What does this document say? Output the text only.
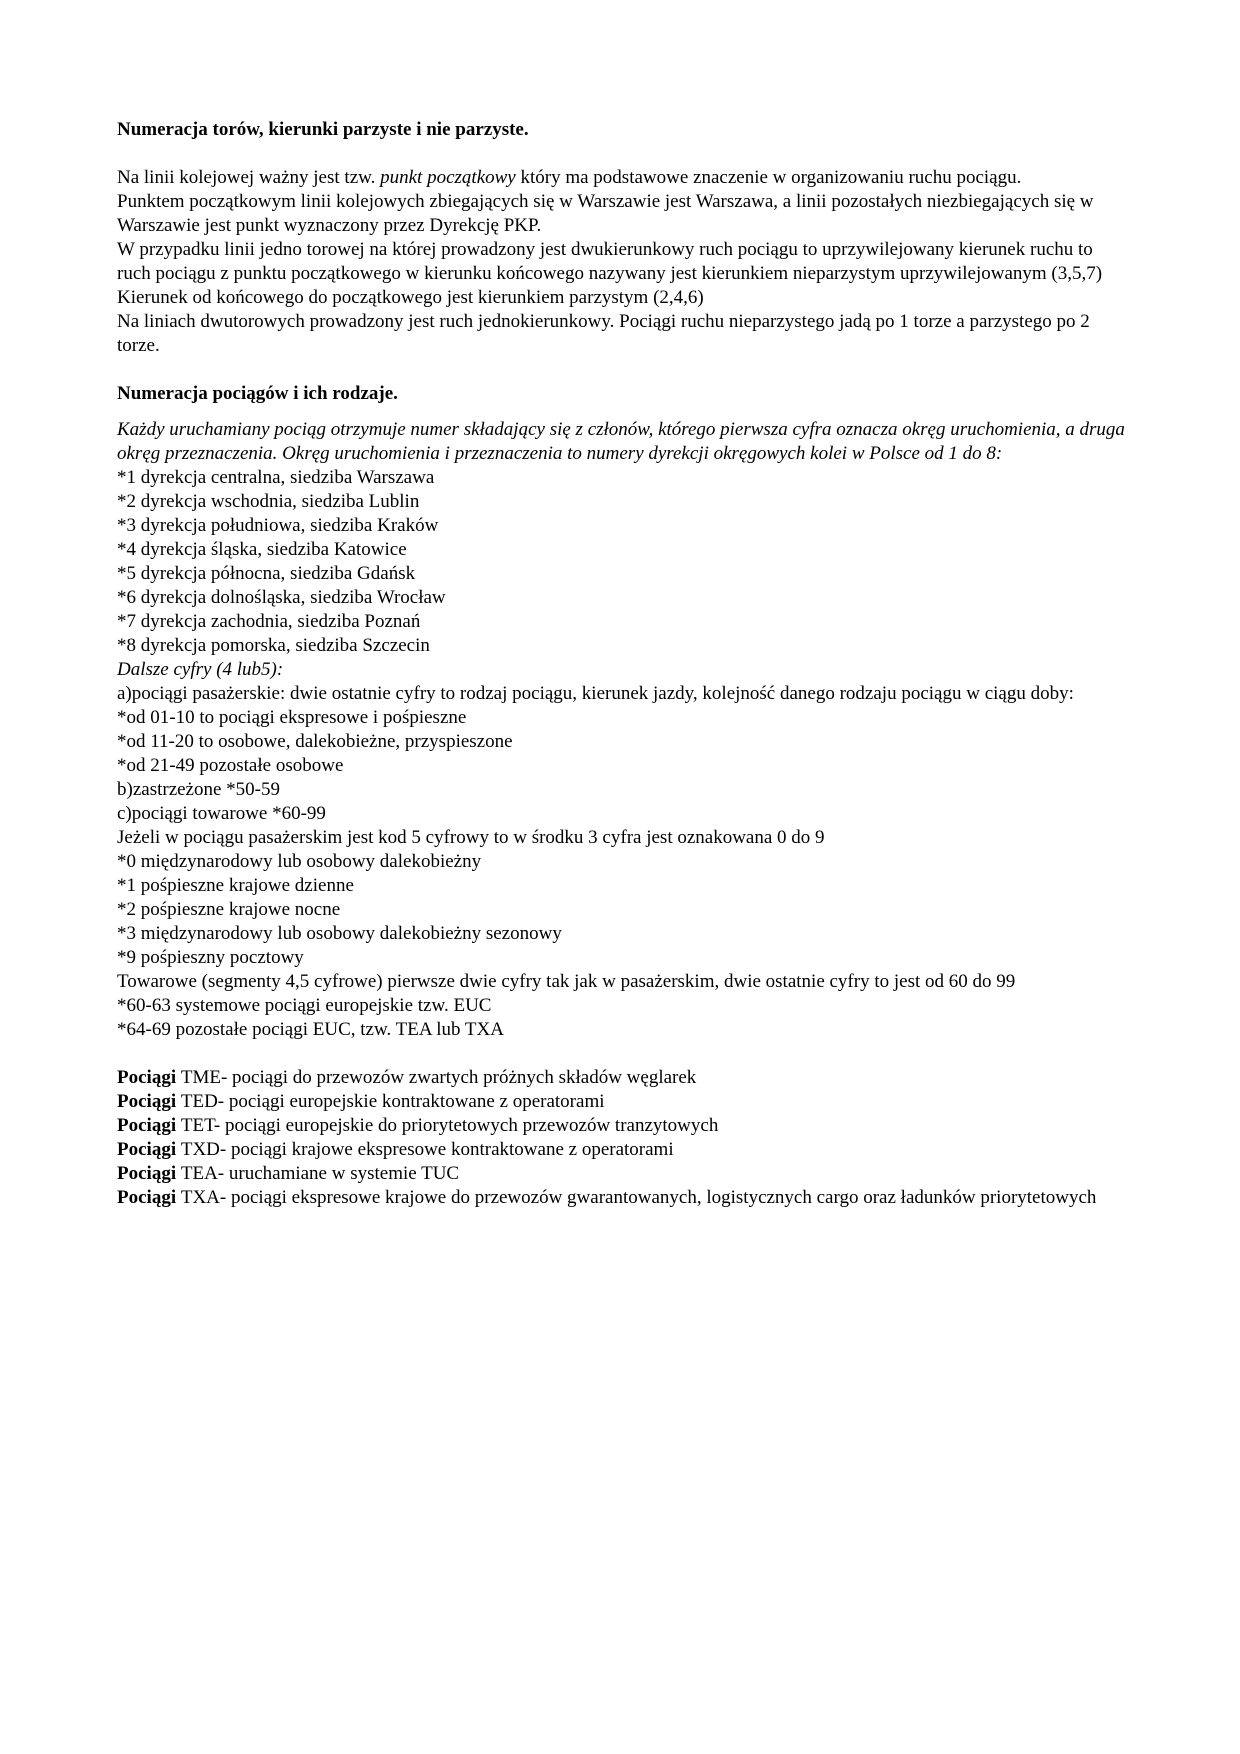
Numeracja torów, kierunki parzyste i nie parzyste.

Na linii kolejowej ważny jest tzw. punkt początkowy który ma podstawowe znaczenie w organizowaniu ruchu pociągu.

Punktem początkowym linii kolejowych zbiegających się w Warszawie jest Warszawa, a linii pozostałych niezbiegających się w Warszawie jest punkt wyznaczony przez Dyrekcję PKP.

W przypadku linii jedno torowej na której prowadzony jest dwukierunkowy ruch pociągu to uprzywilejowany kierunek ruchu to ruch pociągu z punktu początkowego w kierunku końcowego nazywany jest kierunkiem nieparzystym uprzywilejowanym (3,5,7)

Kierunek od końcowego do początkowego jest kierunkiem parzystym (2,4,6)

Na liniach dwutorowych prowadzony jest ruch jednokierunkowy. Pociągi ruchu nieparzystego jadą po 1 torze a parzystego po 2 torze.

Numeracja pociągów i ich rodzaje.

Każdy uruchamiany pociąg otrzymuje numer składający się z członów, którego pierwsza cyfra oznacza okręg uruchomienia, a druga okręg przeznaczenia. Okręg uruchomienia i przeznaczenia to numery dyrekcji okręgowych kolei w Polsce od 1 do 8:

*1 dyrekcja centralna, siedziba Warszawa

*2 dyrekcja wschodnia, siedziba Lublin

*3 dyrekcja południowa, siedziba Kraków

*4 dyrekcja śląska, siedziba Katowice

*5 dyrekcja północna, siedziba Gdańsk

*6 dyrekcja dolnośląska, siedziba Wrocław

*7 dyrekcja zachodnia, siedziba Poznań

*8 dyrekcja pomorska, siedziba Szczecin

Dalsze cyfry (4 lub5):

a)pociągi pasażerskie: dwie ostatnie cyfry to rodzaj pociągu, kierunek jazdy, kolejność danego rodzaju pociągu w ciągu doby:

*od 01-10 to pociągi ekspresowe i pośpieszne

*od 11-20 to osobowe, dalekobieżne, przyspieszone

*od 21-49 pozostałe osobowe

b)zastrzeżone *50-59

c)pociągi towarowe *60-99

Jeżeli w pociągu pasażerskim jest kod 5 cyfrowy to w środku 3 cyfra jest oznakowana 0 do 9

*0 międzynarodowy lub osobowy dalekobieżny

*1 pośpieszne krajowe dzienne

*2 pośpieszne krajowe nocne

*3 międzynarodowy lub osobowy dalekobieżny sezonowy

*9 pośpieszny pocztowy

Towarowe (segmenty 4,5 cyfrowe) pierwsze dwie cyfry tak jak w pasażerskim, dwie ostatnie cyfry to jest od 60 do 99

*60-63 systemowe pociągi europejskie tzw. EUC

*64-69 pozostałe pociągi EUC, tzw. TEA lub TXA

Pociągi TME- pociągi do przewozów zwartych próżnych składów węglarek

Pociągi TED- pociągi europejskie kontraktowane z operatorami

Pociągi TET- pociągi europejskie do priorytetowych przewozów tranzytowych

Pociągi TXD- pociągi krajowe ekspresowe kontraktowane z operatorami

Pociągi TEA- uruchamiane w systemie TUC

Pociągi TXA- pociągi ekspresowe krajowe do przewozów gwarantowanych, logistycznych cargo oraz ładunków priorytetowych
